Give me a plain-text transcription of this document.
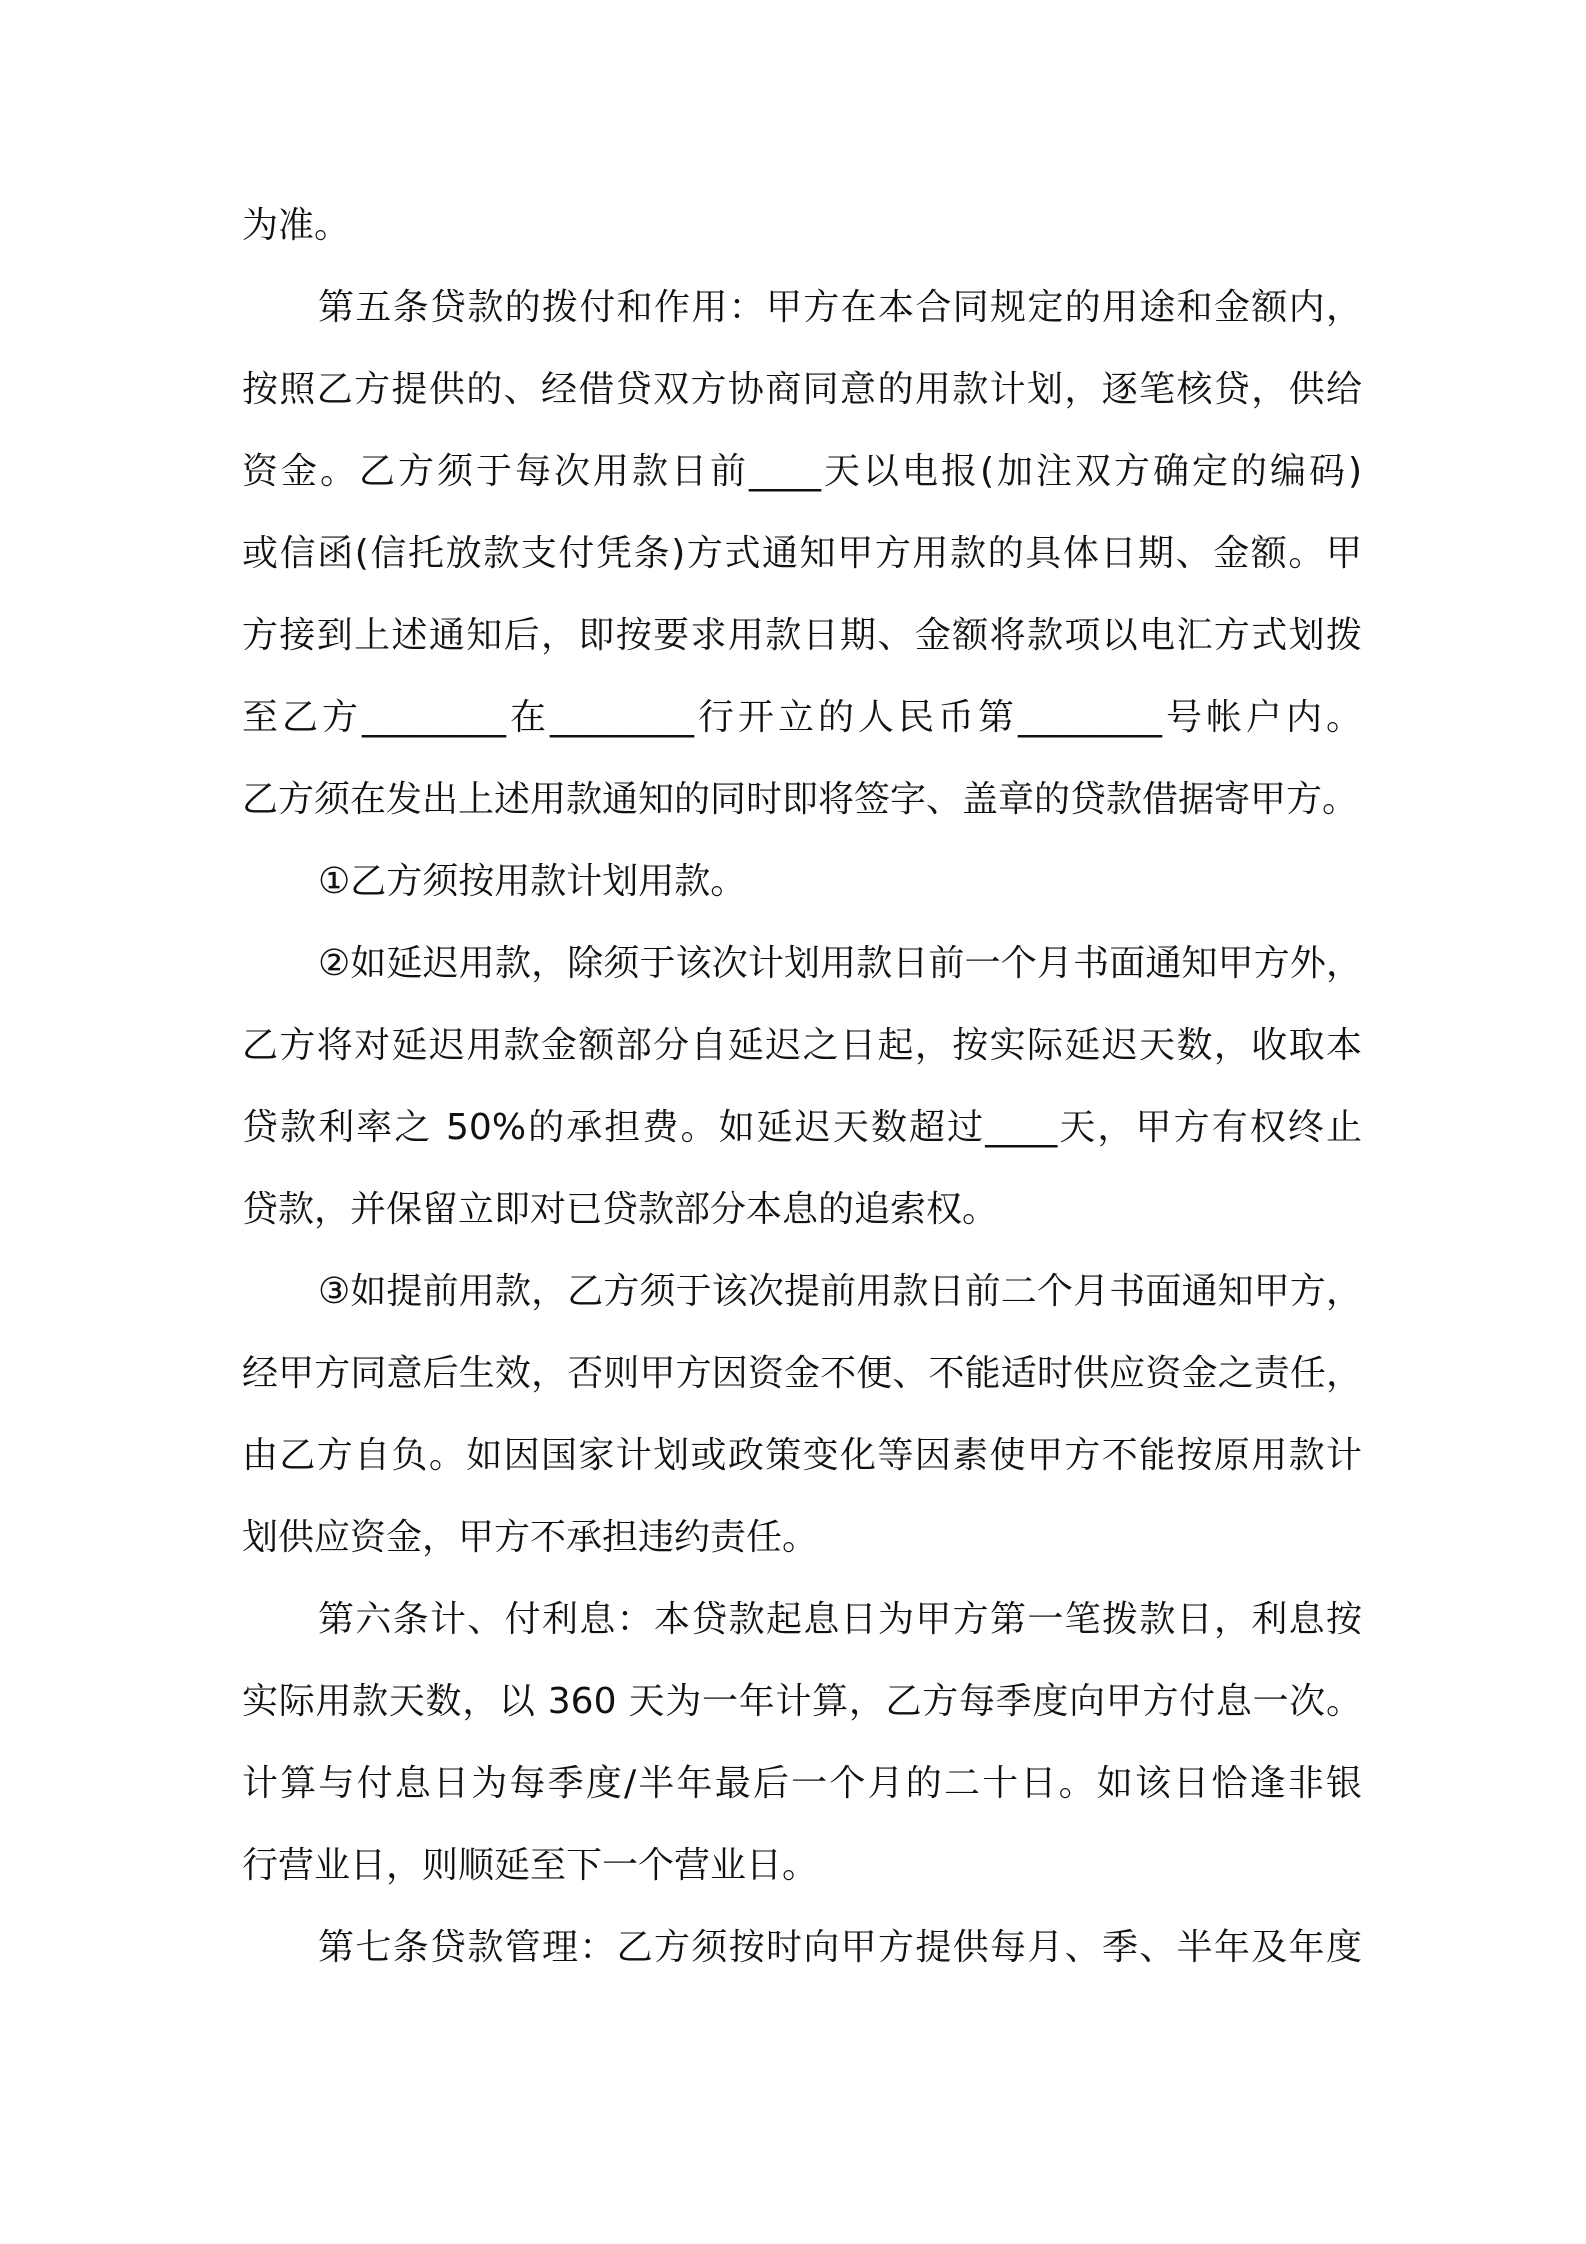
为准。
第五条贷款的拨付和作用：甲方在本合同规定的用途和金额内，
按照乙方提供的、经借贷双方协商同意的用款计划，逐笔核贷，供给
资金。乙方须于每次用款日前____天以电报(加注双方确定的编码)
或信函(信托放款支付凭条)方式通知甲方用款的具体日期、金额。甲
方接到上述通知后，即按要求用款日期、金额将款项以电汇方式划拨
至乙方________在________行开立的人民币第________号帐户内。
乙方须在发出上述用款通知的同时即将签字、盖章的贷款借据寄甲方。
①乙方须按用款计划用款。
②如延迟用款，除须于该次计划用款日前一个月书面通知甲方外，
乙方将对延迟用款金额部分自延迟之日起，按实际延迟天数，收取本
贷款利率之 50%的承担费。如延迟天数超过____天，甲方有权终止
贷款，并保留立即对已贷款部分本息的追索权。
③如提前用款，乙方须于该次提前用款日前二个月书面通知甲方，
经甲方同意后生效，否则甲方因资金不便、不能适时供应资金之责任，
由乙方自负。如因国家计划或政策变化等因素使甲方不能按原用款计
划供应资金，甲方不承担违约责任。
第六条计、付利息：本贷款起息日为甲方第一笔拨款日，利息按
实际用款天数，以 360 天为一年计算，乙方每季度向甲方付息一次。
计算与付息日为每季度/半年最后一个月的二十日。如该日恰逢非银
行营业日，则顺延至下一个营业日。
第七条贷款管理：乙方须按时向甲方提供每月、季、半年及年度
